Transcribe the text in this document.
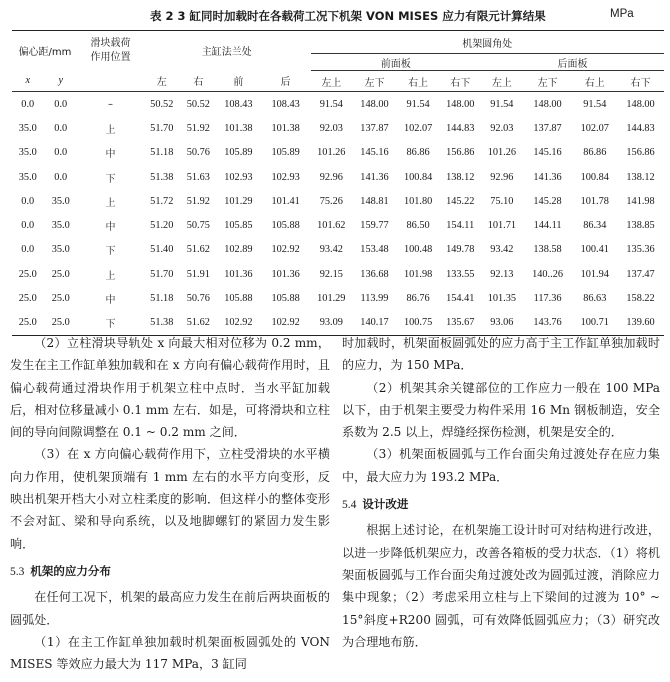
表 2 3 缸同时加载时在各载荷工况下机架 VON MISES 应力有限元计算结果	MPa
偏心距/mm		滑块载荷作用位置	主缸法兰处				机架圆角处							
							前面板				后面板			
x	y		左	右	前	后	左上	左下	右上	右下	左上	左下	右上	右下
0.0	0.0	–	50.52	50.52	108.43	108.43	91.54	148.00	91.54	148.00	91.54	148.00	91.54	148.00
35.0	0.0	上	51.70	51.92	101.38	101.38	92.03	137.87	102.07	144.83	92.03	137.87	102.07	144.83
35.0	0.0	中	51.18	50.76	105.89	105.89	101.26	145.16	86.86	156.86	101.26	145.16	86.86	156.86
35.0	0.0	下	51.38	51.63	102.93	102.93	92.96	141.36	100.84	138.12	92.96	141.36	100.84	138.12
0.0	35.0	上	51.72	51.92	101.29	101.41	75.26	148.81	101.80	145.22	75.10	145.28	101.78	141.98
0.0	35.0	中	51.20	50.75	105.85	105.88	101.62	159.77	86.50	154.11	101.71	144.11	86.34	138.85
0.0	35.0	下	51.40	51.62	102.89	102.92	93.42	153.48	100.48	149.78	93.42	138.58	100.41	135.36
25.0	25.0	上	51.70	51.91	101.36	101.36	92.15	136.68	101.98	133.55	92.13	140..26	101.94	137.47
25.0	25.0	中	51.18	50.76	105.88	105.88	101.29	113.99	86.76	154.41	101.35	117.36	86.63	158.22
25.0	25.0	下	51.38	51.62	102.92	102.92	93.09	140.17	100.75	135.67	93.06	143.76	100.71	139.60

（2）立柱滑块导轨处 x 向最大相对位移为 0.2 mm，发生在主工作缸单独加载和在 x 方向有偏心载荷作用时，且偏心载荷通过滑块作用于机架立柱中点时．当水平缸加载后，相对位移量减小 0.1 mm 左右．如是，可将滑块和立柱间的导向间隙调整在 0.1 ~ 0.2 mm 之间．

（3）在 x 方向偏心载荷作用下，立柱受滑块的水平横向力作用，使机架顶端有 1 mm 左右的水平方向变形，反映出机架开档大小对立柱柔度的影响．但这样小的整体变形不会对缸、梁和导向系统，以及地脚螺钉的紧固力发生影响．

5.3 机架的应力分布

在任何工况下，机架的最高应力发生在前后两块面板的圆弧处．

（1）在主工作缸单独加载时机架面板圆弧处的 VON MISES 等效应力最大为 117 MPa，3 缸同

时加载时，机架面板圆弧处的应力高于主工作缸单独加载时的应力，为 150 MPa．

（2）机架其余关键部位的工作应力一般在 100 MPa 以下，由于机架主要受力构件采用 16 Mn 钢板制造，安全系数为 2.5 以上，焊缝经探伤检测，机架是安全的．

（3）机架面板圆弧与工作台面尖角过渡处存在应力集中，最大应力为 193.2 MPa．

5.4 设计改进

根据上述讨论，在机架施工设计时可对结构进行改进，以进一步降低机架应力，改善各箱板的受力状态．（1）将机架面板圆弧与工作台面尖角过渡处改为圆弧过渡，消除应力集中现象；（2）考虑采用立柱与上下梁间的过渡为 10° ~ 15°斜度+R200 圆弧，可有效降低圆弧应力；（3）研究改为合理地布筋．
